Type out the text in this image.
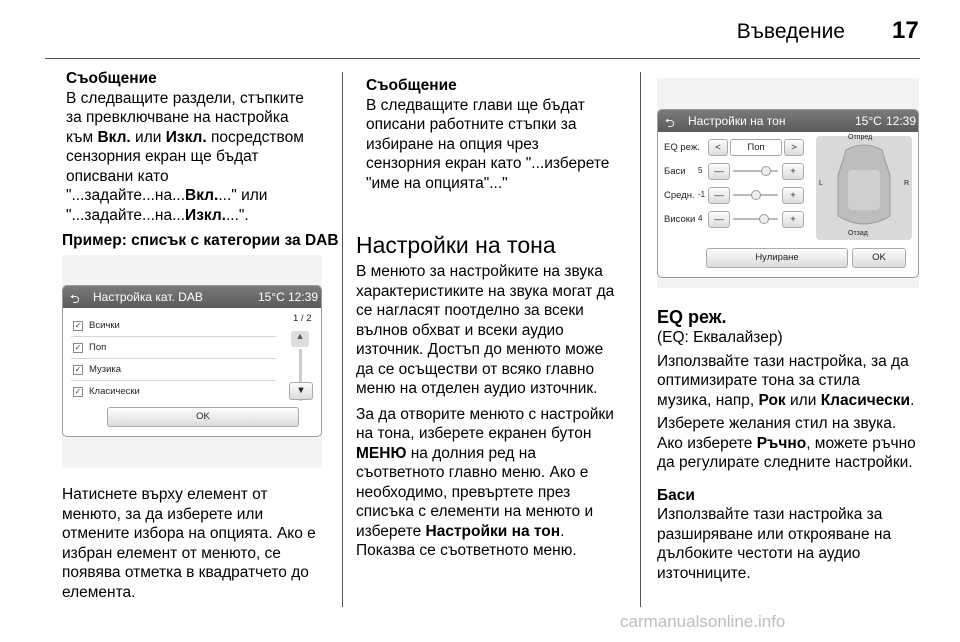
Въведение 17

Съобщение

В следващите раздели, стъпките

за превключване на настройка

към Вкл. или Изкл. посредством

сензорния екран ще бъдат

описвани като

"...задайте...на...Вкл...." или

"...задайте...на...Изкл....".

Пример: списък с категории за DAB
⮌ Настройка кат. DAB	15°C 12:39
✓ Всички
✓ Поп
✓ Музика
✓ Класически
1 / 2
▲
▼
OK

Натиснете върху елемент от

менюто, за да изберете или

отмените избора на опцията. Ако е

избран елемент от менюто, се

появява отметка в квадратчето до

елемента.

Съобщение

В следващите глави ще бъдат

описани работните стъпки за

избиране на опция чрез

сензорния екран като "...изберете

"име на опцията"..."

Настройки на тона

В менюто за настройките на звука

характеристиките на звука могат да

се нагласят поотделно за всеки

вълнов обхват и всеки аудио

източник. Достъп до менюто може

да се осъществи от всяко главно

меню на отделен аудио източник.

За да отворите менюто с настройки

на тона, изберете екранен бутон

МЕНЮ на долния ред на

съответното главно меню. Ако е

необходимо, превъртете през

списъка с елементи на менюто и

изберете Настройки на тон.

Показва се съответното меню.

⮌ Настройки на тон	15°C 12:39
EQ реж.	<	Поп	>
Баси 5	—	+
Средн. -1 —	+
Високи 4	—	+
Отпред
Отзад
L	R
Нулиране	OK

EQ реж.

(EQ: Еквалайзер)

Използвайте тази настройка, за да

оптимизирате тона за стила

музика, напр, Рок или Класически.

Изберете желания стил на звука.

Ако изберете Ръчно, можете ръчно

да регулирате следните настройки.

Баси

Използвайте тази настройка за

разширяване или открояване на

дълбоките честоти на аудио

източниците.

carmanualsonline.info
